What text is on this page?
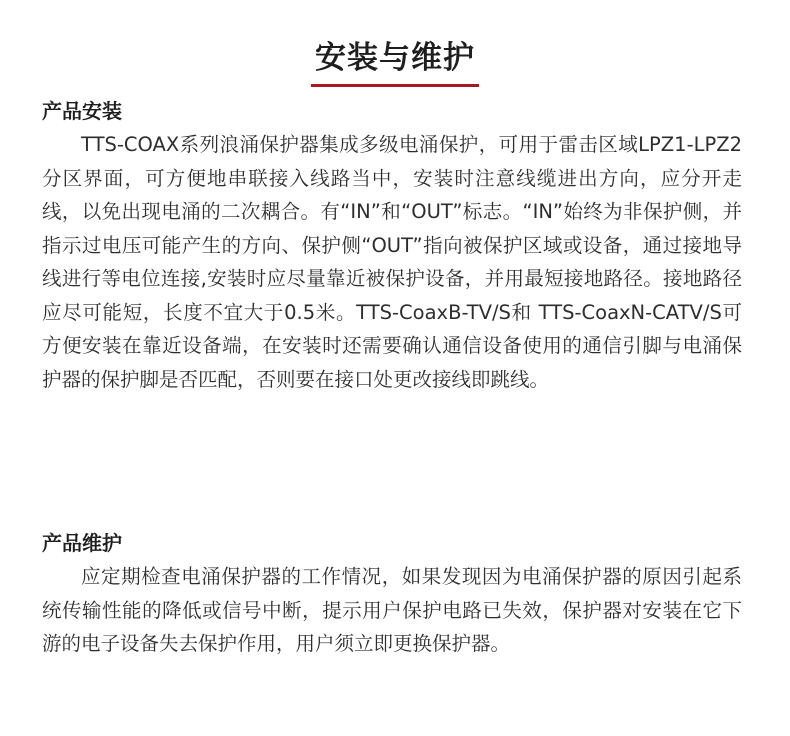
安装与维护
产品安装

TTS-COAX系列浪涌保护器集成多级电涌保护，可用于雷击区域LPZ1-LPZ2分区界面，可方便地串联接入线路当中，安装时注意线缆进出方向，应分开走线，以免出现电涌的二次耦合。有“IN”和“OUT”标志。“IN”始终为非保护侧，并指示过电压可能产生的方向、保护侧“OUT”指向被保护区域或设备，通过接地导线进行等电位连接,安装时应尽量靠近被保护设备，并用最短接地路径。接地路径应尽可能短，长度不宜大于0.5米。TTS-CoaxB-TV/S和 TTS-CoaxN-CATV/S可方便安装在靠近设备端，在安装时还需要确认通信设备使用的通信引脚与电涌保护器的保护脚是否匹配，否则要在接口处更改接线即跳线。

产品维护

应定期检查电涌保护器的工作情况，如果发现因为电涌保护器的原因引起系统传输性能的降低或信号中断，提示用户保护电路已失效，保护器对安装在它下游的电子设备失去保护作用，用户须立即更换保护器。
